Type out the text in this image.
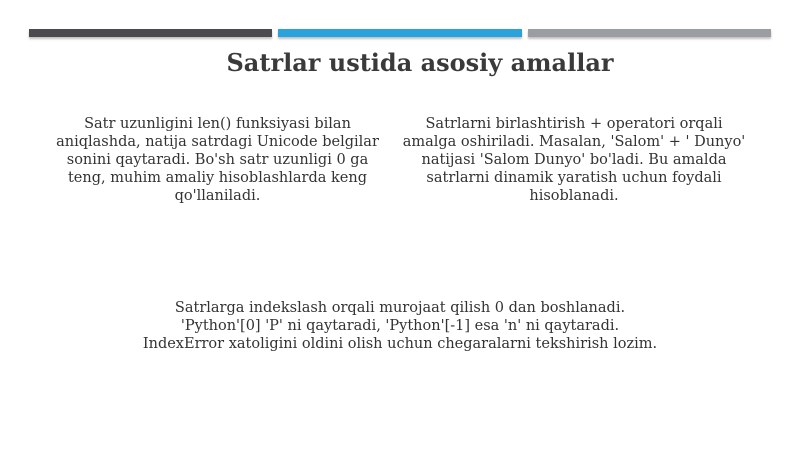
Satrlar ustida asosiy amallar

Satr uzunligini len() funksiyasi bilan aniqlashda, natija satrdagi Unicode belgilar sonini qaytaradi. Bo'sh satr uzunligi 0 ga teng, muhim amaliy hisoblashlarda keng qo'llaniladi.

Satrlarni birlashtirish + operatori orqali amalga oshiriladi. Masalan, 'Salom' + ' Dunyo' natijasi 'Salom Dunyo' bo'ladi. Bu amalda satrlarni dinamik yaratish uchun foydali hisoblanadi.

Satrlarga indekslash orqali murojaat qilish 0 dan boshlanadi. 'Python'[0] 'P' ni qaytaradi, 'Python'[-1] esa 'n' ni qaytaradi. IndexError xatoligini oldini olish uchun chegaralarni tekshirish lozim.
